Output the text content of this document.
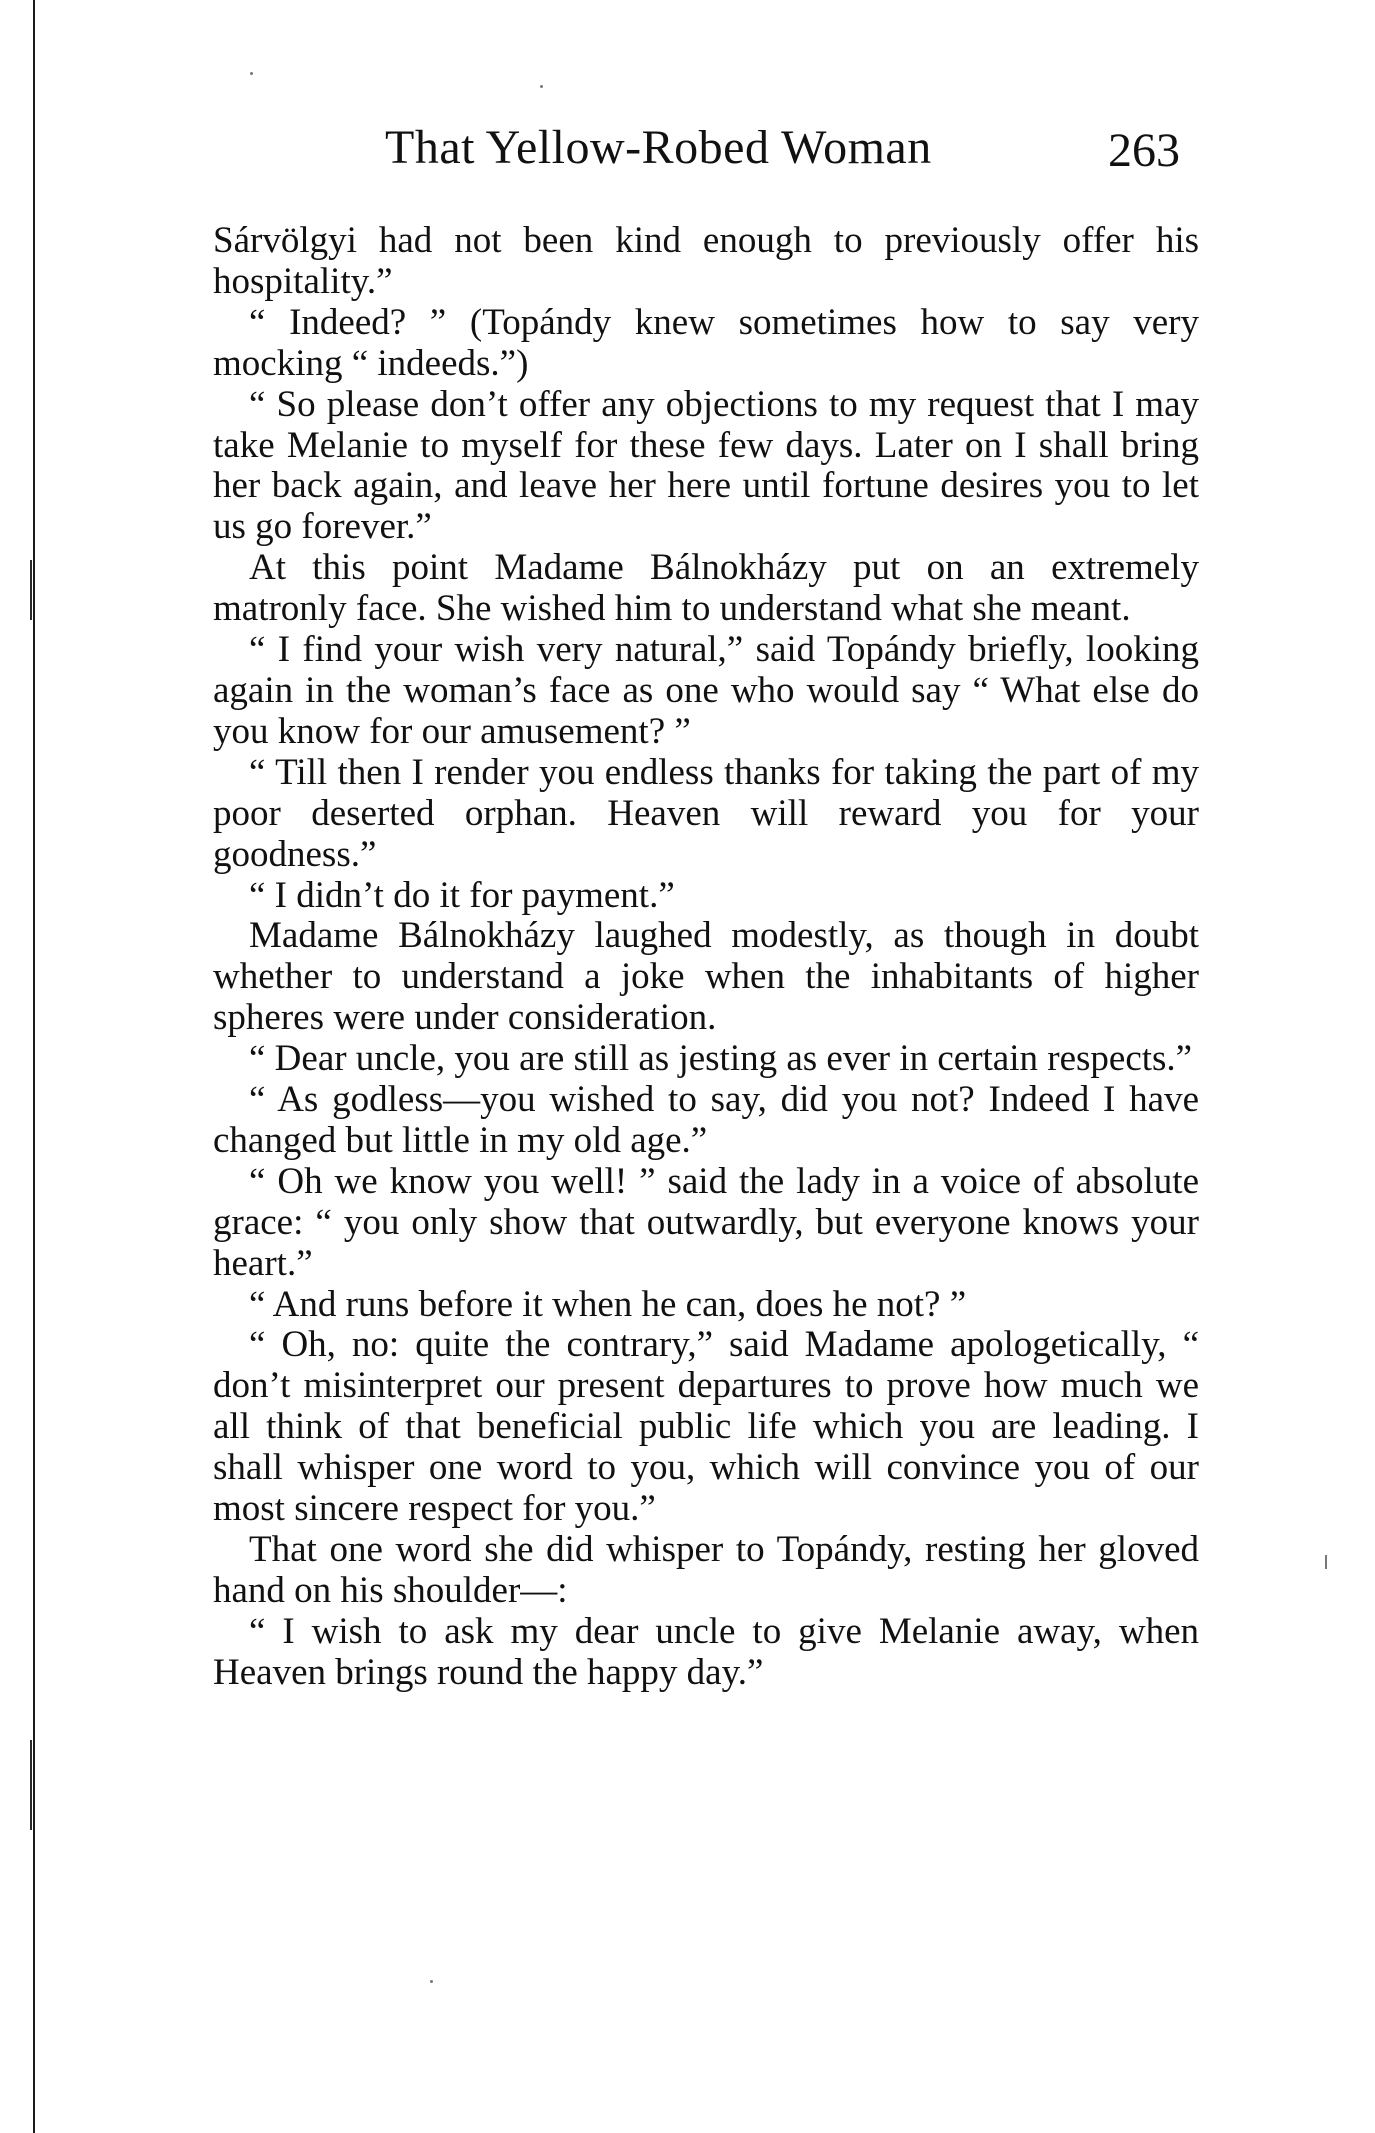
That Yellow-Robed Woman	263

Sárvölgyi had not been kind enough to previously offer his hospitality.”

“ Indeed? ” (Topándy knew sometimes how to say very mocking “ indeeds.”)

“ So please don’t offer any objections to my request that I may take Melanie to myself for these few days. Later on I shall bring her back again, and leave her here until fortune desires you to let us go forever.”

At this point Madame Bálnokházy put on an extremely matronly face. She wished him to understand what she meant.

“ I find your wish very natural,” said Topándy briefly, looking again in the woman’s face as one who would say “ What else do you know for our amusement? ”

“ Till then I render you endless thanks for taking the part of my poor deserted orphan. Heaven will reward you for your goodness.”

“ I didn’t do it for payment.”

Madame Bálnokházy laughed modestly, as though in doubt whether to understand a joke when the inhabitants of higher spheres were under consideration.

“ Dear uncle, you are still as jesting as ever in certain respects.”

“ As godless—you wished to say, did you not? Indeed I have changed but little in my old age.”

“ Oh we know you well! ” said the lady in a voice of absolute grace: “ you only show that outwardly, but everyone knows your heart.”

“ And runs before it when he can, does he not? ”

“ Oh, no: quite the contrary,” said Madame apologetically, “ don’t misinterpret our present departures to prove how much we all think of that beneficial public life which you are leading. I shall whisper one word to you, which will convince you of our most sincere respect for you.”

That one word she did whisper to Topándy, resting her gloved hand on his shoulder—:

“ I wish to ask my dear uncle to give Melanie away, when Heaven brings round the happy day.”
